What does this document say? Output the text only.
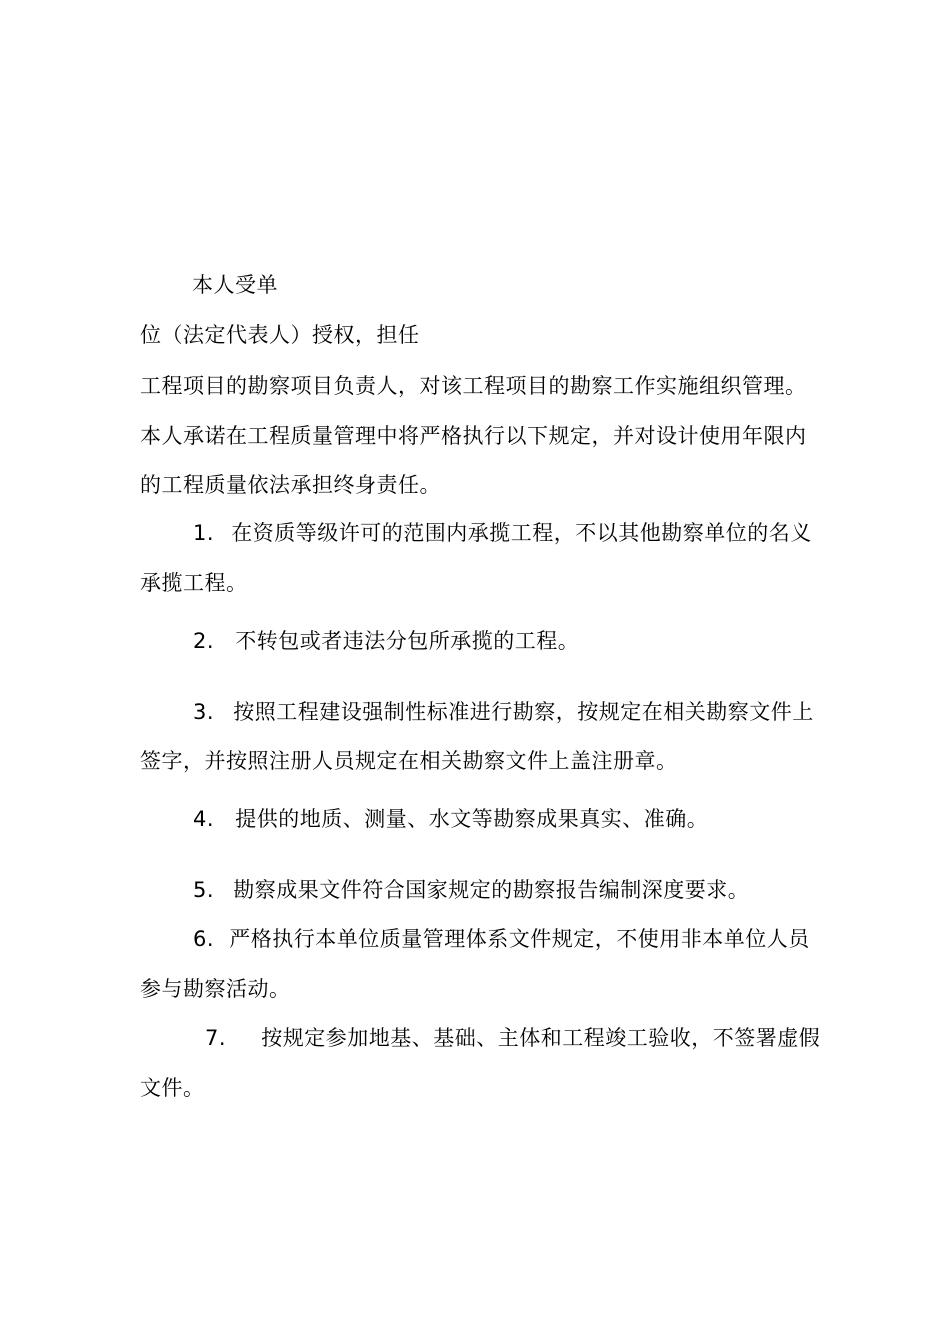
本人受单
位（法定代表人）授权，担任
工程项目的勘察项目负责人，对该工程项目的勘察工作实施组织管理。
本人承诺在工程质量管理中将严格执行以下规定，并对设计使用年限内
的工程质量依法承担终身责任。
1. 在资质等级许可的范围内承揽工程，不以其他勘察单位的名义
承揽工程。
2. 不转包或者违法分包所承揽的工程。
3. 按照工程建设强制性标准进行勘察，按规定在相关勘察文件上
签字，并按照注册人员规定在相关勘察文件上盖注册章。
4. 提供的地质、测量、水文等勘察成果真实、准确。
5. 勘察成果文件符合国家规定的勘察报告编制深度要求。
6. 严格执行本单位质量管理体系文件规定，不使用非本单位人员
参与勘察活动。
7. 按规定参加地基、基础、主体和工程竣工验收，不签署虚假
文件。
